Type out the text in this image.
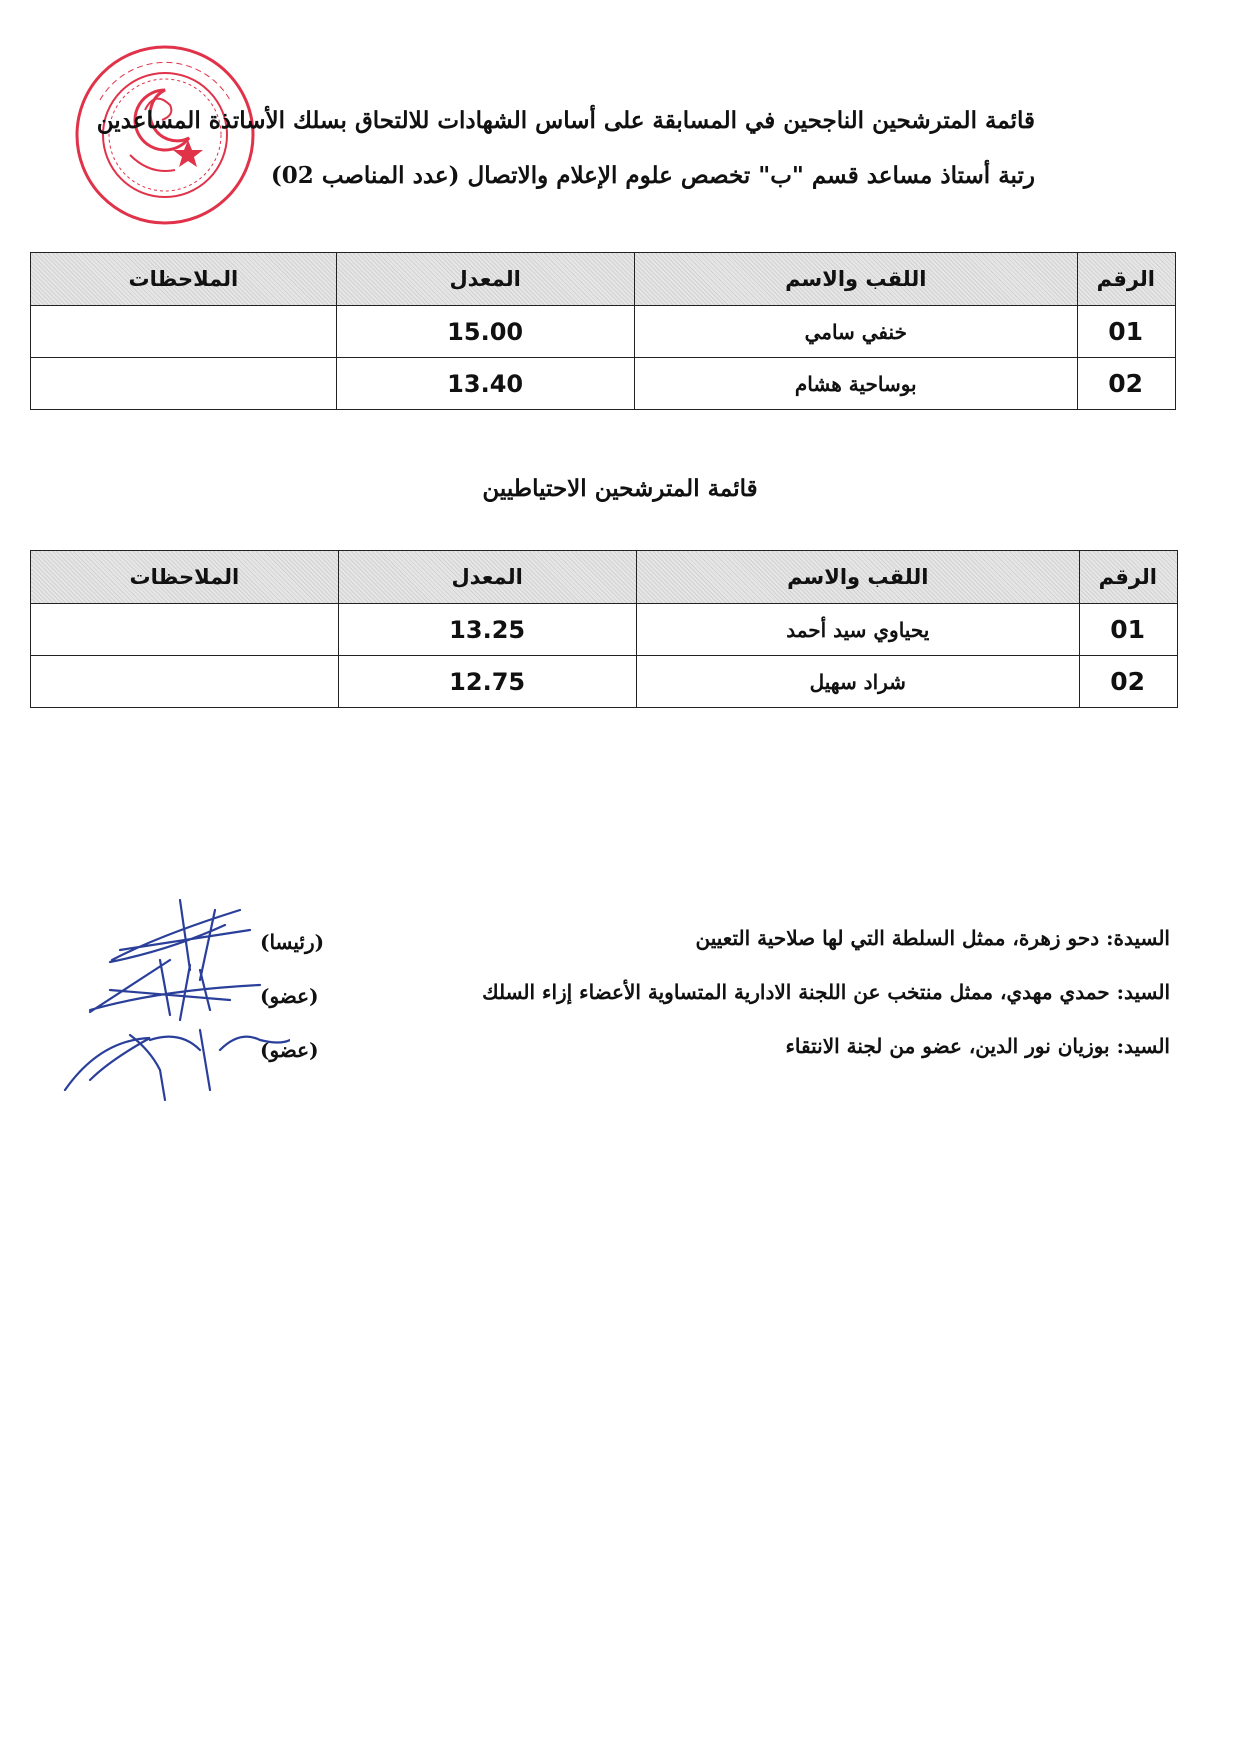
قائمة المترشحين الناجحين في المسابقة على أساس الشهادات للالتحاق بسلك الأساتذة المساعدين
رتبة أستاذ مساعد قسم "ب" تخصص علوم الإعلام والاتصال (عدد المناصب 02)
الرقم	اللقب والاسم	المعدل	الملاحظات
01	خنفي سامي	15.00	
02	بوساحية هشام	13.40	
قائمة المترشحين الاحتياطيين
الرقم	اللقب والاسم	المعدل	الملاحظات
01	يحياوي سيد أحمد	13.25	
02	شراد سهيل	12.75	
السيدة: دحو زهرة، ممثل السلطة التي لها صلاحية التعيين
السيد: حمدي مهدي، ممثل منتخب عن اللجنة الادارية المتساوية الأعضاء إزاء السلك
السيد: بوزيان نور الدين، عضو من لجنة الانتقاء
(رئيسا)
(عضو)
(عضو)
